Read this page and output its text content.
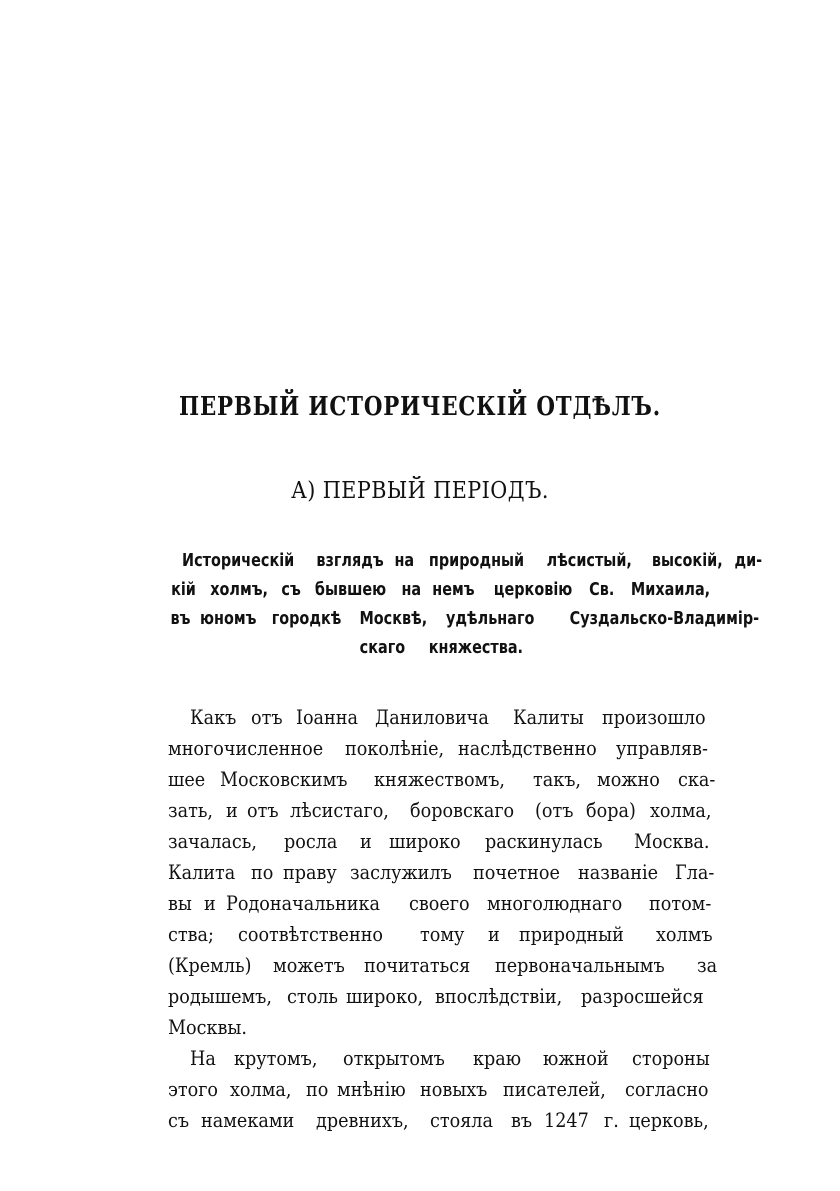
ПЕРВЫЙ ИСТОРИЧЕСКІЙ ОТДѢЛЪ.
А) ПЕРВЫЙ ПЕРІОДЪ.
Историческій взглядъ на природный лѣсистый, высокій, ди-
кій холмъ, съ бывшею на немъ церковію Св. Михаила,
въ юномъ городкѣ Москвѣ, удѣльнаго Суздальско-Владимір-
скаго княжества.
Какъ отъ Іоанна Даниловича Калиты произошло
многочисленное поколѣніе, наслѣдственно управляв-
шее Московскимъ княжествомъ, такъ, можно ска-
зать, и отъ лѣсистаго, боровскаго (отъ бора) холма,
зачалась, росла и широко раскинулась Москва.
Калита по праву заслужилъ почетное названіе Гла-
вы и Родоначальника своего многолюднаго потом-
ства; соотвѣтственно тому и природный холмъ
(Кремль) можетъ почитаться первоначальнымъ за
родышемъ, столь широко, впослѣдствіи, разросшейся
Москвы.
На крутомъ, открытомъ краю южной стороны
этого холма, по мнѣнію новыхъ писателей, согласно
съ намеками древнихъ, стояла въ 1247 г. церковь,
